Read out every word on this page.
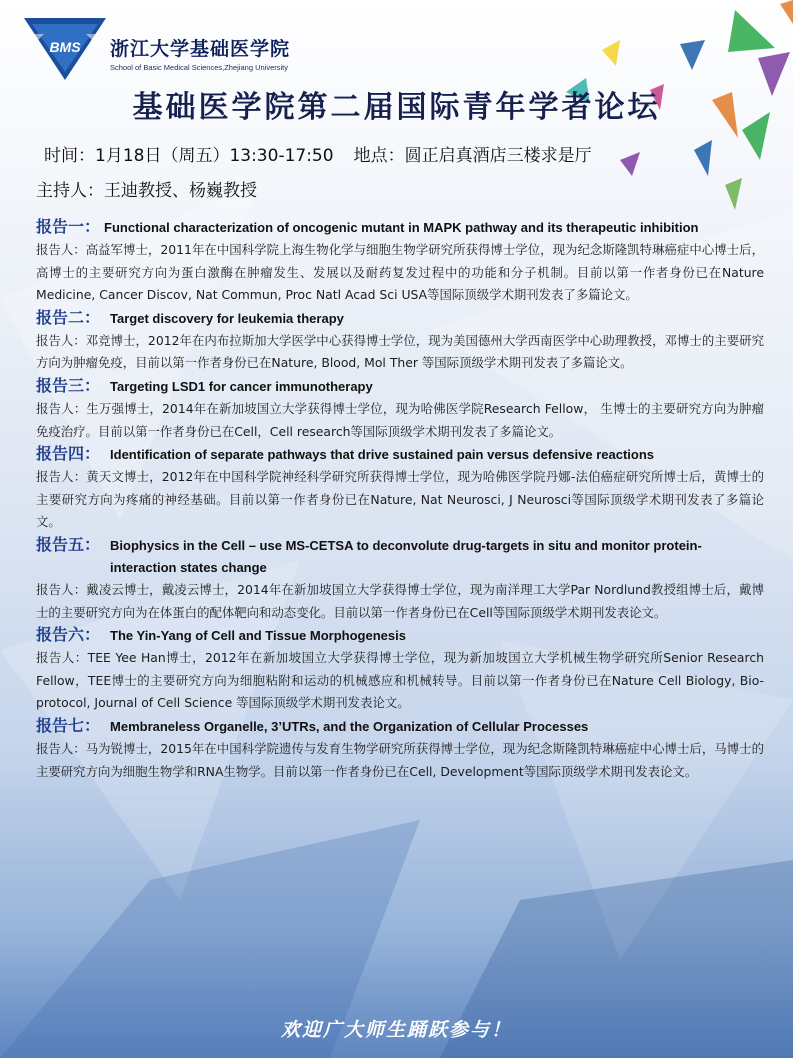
BMS 浙江大学基础医学院
School of Basic Medical Sciences,Zhejiang University
基础医学院第二届国际青年学者论坛
时间：1月18日（周五）13:30-17:50 地点：圆正启真酒店三楼求是厅
主持人：王迪教授、杨巍教授
报告一： Functional characterization of oncogenic mutant in MAPK pathway and its therapeutic inhibition
报告人：高益军博士，2011年在中国科学院上海生物化学与细胞生物学研究所获得博士学位，现为纪念斯隆凯特琳癌症中心博士后，高博士的主要研究方向为蛋白激酶在肿瘤发生、发展以及耐药复发过程中的功能和分子机制。目前以第一作者身份已在Nature Medicine, Cancer Discov, Nat Commun, Proc Natl Acad Sci USA等国际顶级学术期刊发表了多篇论文。
报告二： Target discovery for leukemia therapy
报告人：邓竞博士，2012年在内布拉斯加大学医学中心获得博士学位，现为美国德州大学西南医学中心助理教授，邓博士的主要研究方向为肿瘤免疫，目前以第一作者身份已在Nature, Blood, Mol Ther 等国际顶级学术期刊发表了多篇论文。
报告三： Targeting LSD1 for cancer immunotherapy
报告人：生万强博士，2014年在新加坡国立大学获得博士学位，现为哈佛医学院Research Fellow， 生博士的主要研究方向为肿瘤免疫治疗。目前以第一作者身份已在Cell，Cell research等国际顶级学术期刊发表了多篇论文。
报告四： Identification of separate pathways that drive sustained pain versus defensive reactions
报告人：黄天文博士，2012年在中国科学院神经科学研究所获得博士学位，现为哈佛医学院丹娜-法伯癌症研究所博士后，黄博士的主要研究方向为疼痛的神经基础。目前以第一作者身份已在Nature, Nat Neurosci, J Neurosci等国际顶级学术期刊发表了多篇论文。
报告五： Biophysics in the Cell – use MS-CETSA to deconvolute drug-targets in situ and monitor protein-interaction states change
报告人：戴凌云博士，戴凌云博士，2014年在新加坡国立大学获得博士学位，现为南洋理工大学Par Nordlund教授组博士后，戴博士的主要研究方向为在体蛋白的配体靶向和动态变化。目前以第一作者身份已在Cell等国际顶级学术期刊发表论文。
报告六： The Yin-Yang of Cell and Tissue Morphogenesis
报告人：TEE Yee Han博士，2012年在新加坡国立大学获得博士学位，现为新加坡国立大学机械生物学研究所Senior Research Fellow，TEE博士的主要研究方向为细胞粘附和运动的机械感应和机械转导。目前以第一作者身份已在Nature Cell Biology, Bio-protocol, Journal of Cell Science 等国际顶级学术期刊发表论文。
报告七： Membraneless Organelle, 3’UTRs, and the Organization of Cellular Processes
报告人：马为锐博士，2015年在中国科学院遗传与发育生物学研究所获得博士学位，现为纪念斯隆凯特琳癌症中心博士后，马博士的主要研究方向为细胞生物学和RNA生物学。目前以第一作者身份已在Cell, Development等国际顶级学术期刊发表论文。
欢迎广大师生踊跃参与！
